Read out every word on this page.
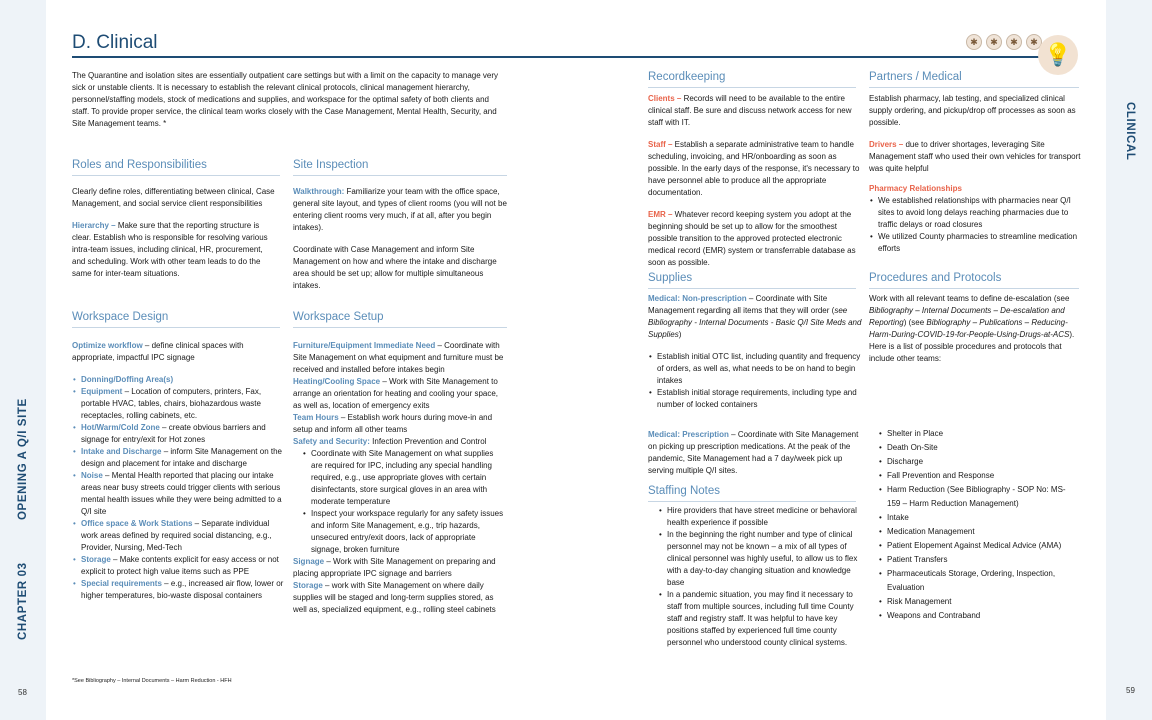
CHAPTER 03
OPENING A Q/I SITE
CLINICAL
58	59
D. Clinical	✱	✱	✱	✱ 💡
The Quarantine and isolation sites are essentially outpatient care settings but with a limit on the capacity to manage very sick or unstable clients. It is necessary to establish the relevant clinical protocols, clinical management hierarchy, personnel/staffing models, stock of medications and supplies, and workspace for the optimal safety of both clients and staff. To provide proper service, the clinical team works closely with the Case Management, Mental Health, Security, and Site Management teams. *
Roles and Responsibilities

Clearly define roles, differentiating between clinical, Case Management, and social service client responsibilities

Hierarchy – Make sure that the reporting structure is clear. Establish who is responsible for resolving various intra-team issues, including clinical, HR, procurement, and scheduling. Work with other team leads to do the same for inter-team situations.

Site Inspection

Walkthrough: Familiarize your team with the office space, general site layout, and types of client rooms (you will not be entering client rooms very much, if at all, after you begin intakes).

Coordinate with Case Management and inform Site Management on how and where the intake and discharge area should be set up; allow for multiple simultaneous intakes.

Workspace Design

Optimize workflow – define clinical spaces with appropriate, impactful IPC signage

• Donning/Doffing Area(s)
• Equipment – Location of computers, printers, Fax, portable HVAC, tables, chairs, biohazardous waste receptacles, rolling cabinets, etc.
• Hot/Warm/Cold Zone – create obvious barriers and signage for entry/exit for Hot zones
• Intake and Discharge – inform Site Management on the design and placement for intake and discharge
• Noise – Mental Health reported that placing our intake areas near busy streets could trigger clients with serious mental health issues while they were being admitted to a Q/I site
• Office space & Work Stations – Separate individual work areas defined by required social distancing, e.g., Provider, Nursing, Med-Tech
• Storage – Make contents explicit for easy access or not explicit to protect high value items such as PPE
• Special requirements – e.g., increased air flow, lower or higher temperatures, bio-waste disposal containers
Workspace Setup
Furniture/Equipment Immediate Need – Coordinate with Site Management on what equipment and furniture must be received and installed before intakes begin
Heating/Cooling Space – Work with Site Management to arrange an orientation for heating and cooling your space, as well as, location of emergency exits
Team Hours – Establish work hours during move-in and setup and inform all other teams
Safety and Security: Infection Prevention and Control
• Coordinate with Site Management on what supplies are required for IPC, including any special handling required, e.g., use appropriate gloves with certain disinfectants, store surgical gloves in an area with moderate temperature
• Inspect your workspace regularly for any safety issues and inform Site Management, e.g., trip hazards, unsecured entry/exit doors, lack of appropriate signage, broken furniture
Signage – Work with Site Management on preparing and placing appropriate IPC signage and barriers
Storage – work with Site Management on where daily supplies will be staged and long-term supplies stored, as well as, specialized equipment, e.g., rolling steel cabinets
*See Bibliography – Internal Documents – Harm Reduction - HFH
Recordkeeping

Clients – Records will need to be available to the entire clinical staff. Be sure and discuss network access for new staff with IT.

Staff – Establish a separate administrative team to handle scheduling, invoicing, and HR/onboarding as soon as possible. In the early days of the response, it's necessary to have personnel able to produce all the appropriate documentation.

EMR – Whatever record keeping system you adopt at the beginning should be set up to allow for the smoothest possible transition to the approved protected electronic medical record (EMR) system or transferrable database as soon as possible.

Supplies

Medical: Non-prescription – Coordinate with Site Management regarding all items that they will order (see Bibliography - Internal Documents - Basic Q/I Site Meds and Supplies)

• Establish initial OTC list, including quantity and frequency of orders, as well as, what needs to be on hand to begin intakes
• Establish initial storage requirements, including type and number of locked containers

Medical: Prescription – Coordinate with Site Management on picking up prescription medications. At the peak of the pandemic, Site Management had a 7 day/week pick up serving multiple Q/I sites.

Staffing Notes
• Hire providers that have street medicine or behavioral health experience if possible
• In the beginning the right number and type of clinical personnel may not be known – a mix of all types of clinical personnel was highly useful, to allow us to flex with a day-to-day changing situation and knowledge base
• In a pandemic situation, you may find it necessary to staff from multiple sources, including full time County staff and registry staff. It was helpful to have key positions staffed by experienced full time county personnel who understood county clinical systems.
Partners / Medical

Establish pharmacy, lab testing, and specialized clinical supply ordering, and pickup/drop off processes as soon as possible.

Drivers – due to driver shortages, leveraging Site Management staff who used their own vehicles for transport was quite helpful

Pharmacy Relationships
• We established relationships with pharmacies near Q/I sites to avoid long delays reaching pharmacies due to traffic delays or road closures
• We utilized County pharmacies to streamline medication efforts
Procedures and Protocols

Work with all relevant teams to define de-escalation (see Bibliography – Internal Documents – De-escalation and Reporting) (see Bibliography – Publications – Reducing-Harm-During-COVID-19-for-People-Using-Drugs-at-ACS). Here is a list of possible procedures and protocols that include other teams:

• Shelter in Place
• Death On-Site
• Discharge
• Fall Prevention and Response
• Harm Reduction (See Bibliography - SOP No: MS-159 – Harm Reduction Management)
• Intake
• Medication Management
• Patient Elopement Against Medical Advice (AMA)
• Patient Transfers
• Pharmaceuticals Storage, Ordering, Inspection, Evaluation
• Risk Management
• Weapons and Contraband
